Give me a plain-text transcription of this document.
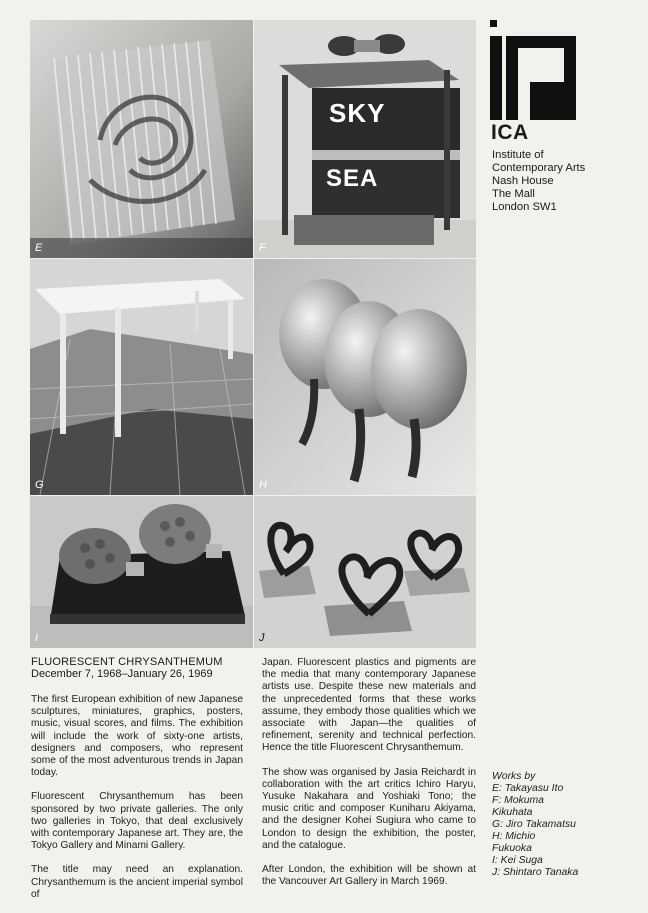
E
SKY
SEA
F
G	H
I	J
ICA
Institute of
Contemporary Arts
Nash House
The Mall
London SW1
FLUORESCENT CHRYSANTHEMUM
December 7, 1968–January 26, 1969

The first European exhibition of new Japanese sculptures, miniatures, graphics, posters, music, visual scores, and films. The exhibition will include the work of sixty-one artists, designers and composers, who represent some of the most adventurous trends in Japan today.

Fluorescent Chrysanthemum has been sponsored by two private galleries. The only two galleries in Tokyo, that deal exclusively with contemporary Japanese art. They are, the Tokyo Gallery and Minami Gallery.

The title may need an explanation. Chrysanthemum is the ancient imperial symbol of

Japan. Fluorescent plastics and pigments are the media that many contemporary Japanese artists use. Despite these new materials and the unprecedented forms that these works assume, they embody those qualities which we associate with Japan—the qualities of refinement, serenity and technical perfection. Hence the title Fluorescent Chrysanthemum.

The show was organised by Jasia Reichardt in collaboration with the art critics Ichiro Haryu, Yusuke Nakahara and Yoshiaki Tono; the music critic and composer Kuniharu Akiyama, and the designer Kohei Sugiura who came to London to design the exhibition, the poster, and the catalogue.

After London, the exhibition will be shown at the Vancouver Art Gallery in March 1969.

Works by
E: Takayasu Ito
F: Mokuma
Kikuhata
G: Jiro Takamatsu
H: Michio
Fukuoka
I: Kei Suga
J: Shintaro Tanaka
